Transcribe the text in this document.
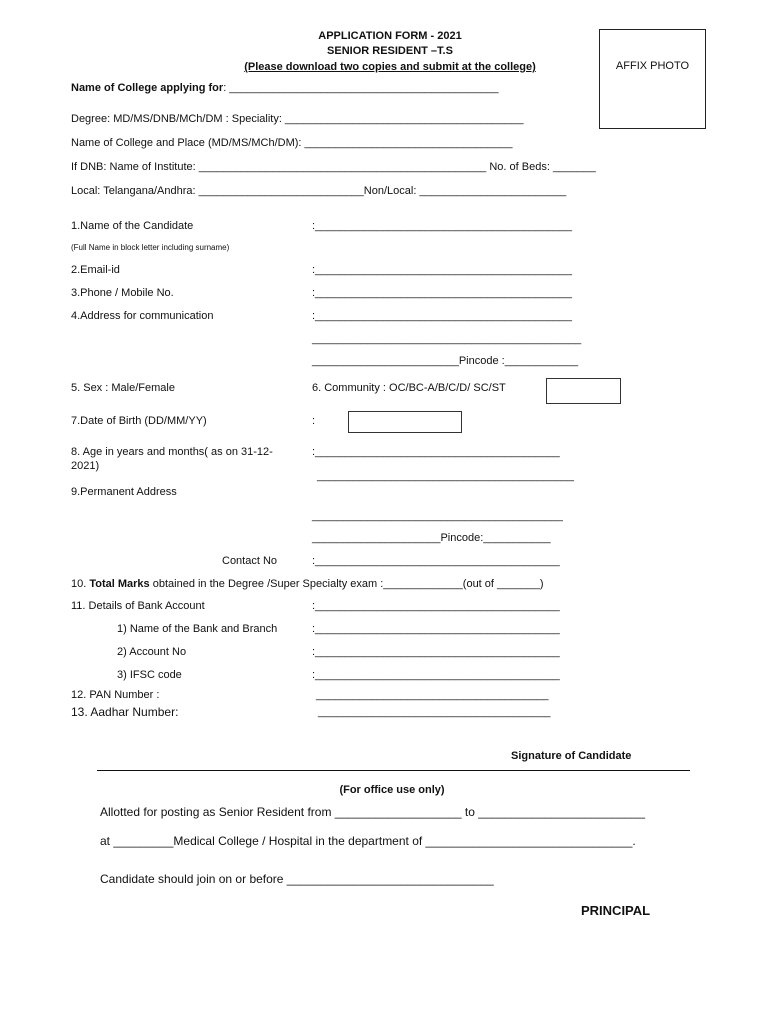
APPLICATION FORM - 2021
SENIOR RESIDENT –T.S
(Please download two copies and submit at the college)	AFFIX PHOTO
Name of College applying for: ____________________________________________
Degree: MD/MS/DNB/MCh/DM : Speciality: _______________________________________
Name of College and Place (MD/MS/MCh/DM): __________________________________
If DNB: Name of Institute: _______________________________________________ No. of Beds: _______
Local: Telangana/Andhra: ___________________________Non/Local: ________________________
1.Name of the Candidate	:__________________________________________
(Full Name in block letter including surname)
2.Email-id	:__________________________________________
3.Phone / Mobile No.	:__________________________________________
4.Address for communication	:__________________________________________
____________________________________________
________________________Pincode :____________
5. Sex : Male/Female	6. Community : OC/BC-A/B/C/D/ SC/ST
7.Date of Birth (DD/MM/YY)	:
8. Age in years and months( as on 31-12-
2021)
:________________________________________
__________________________________________
9.Permanent Address
_________________________________________
_____________________Pincode:___________
Contact No	:________________________________________
10. Total Marks obtained in the Degree /Super Specialty exam :_____________(out of _______)
11. Details of Bank Account	:________________________________________
1) Name of the Bank and Branch	:________________________________________
2) Account No	:________________________________________
3) IFSC code	:________________________________________
12. PAN Number :	______________________________________
13. Aadhar Number:	______________________________________
Signature of Candidate
(For office use only)
Allotted for posting as Senior Resident from ___________________ to _________________________
at _________Medical College / Hospital in the department of _______________________________.
Candidate should join on or before _______________________________
PRINCIPAL
